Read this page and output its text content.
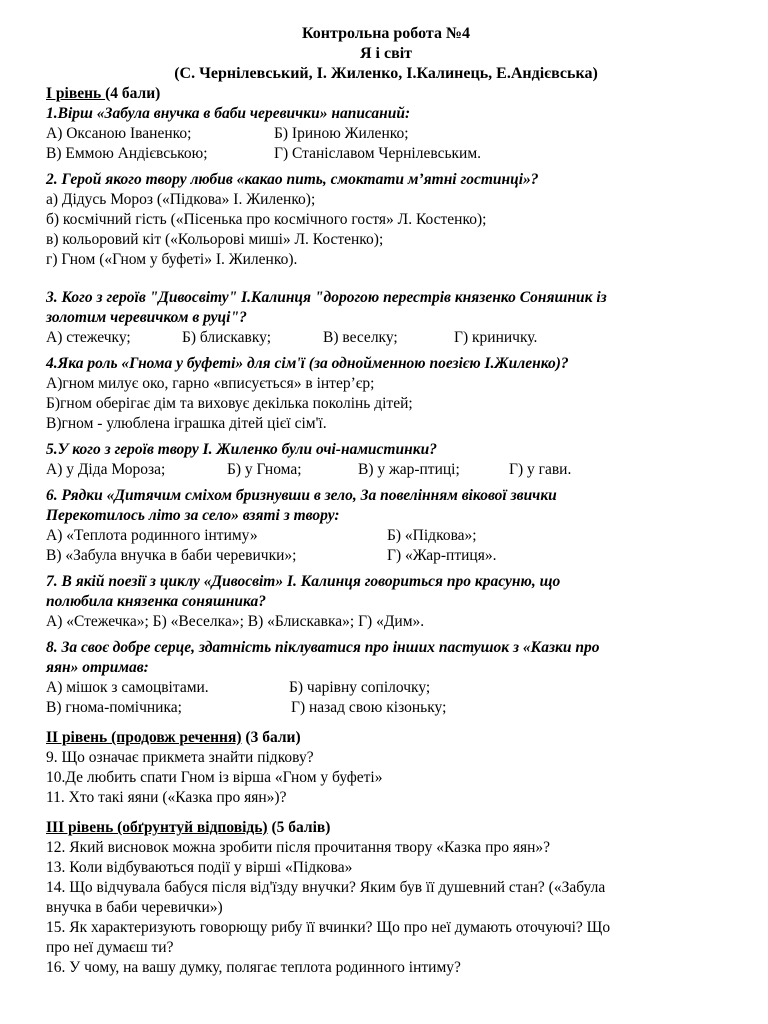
Контрольна робота №4
Я і світ
(С. Чернілевський, І. Жиленко, І.Калинець, Е.Андієвська)
І рівень (4 бали)
1.Вірш «Забула внучка в баби черевички» написаний:
А) Оксаною Іваненко;	Б) Іриною Жиленко;
В) Еммою Андієвською;	Г) Станіславом Чернілевським.
2. Герой якого твору любив «какао пить, смоктати м’ятні гостинці»?
а) Дідусь Мороз («Підкова» І. Жиленко);
б) космічний гість («Пісенька про космічного гостя» Л. Костенко);
в) кольоровий кіт («Кольорові миші» Л. Костенко);
г) Гном («Гном у буфеті» І. Жиленко).
3. Кого з героїв "Дивосвіту" І.Калинця "дорогою перестрів князенко Соняшник із
золотим черевичком в руці"?
А) стежечку;	Б) блискавку;	В) веселку;	Г) криничку.
4.Яка роль «Гнома у буфеті» для сім'ї (за однойменною поезією І.Жиленко)?
А)гном милує око, гарно «вписується» в інтер’єр;
Б)гном оберігає дім та виховує декілька поколінь дітей;
В)гном - улюблена іграшка дітей цієї сім'ї.
5.У кого з героїв твору І. Жиленко були очі-намистинки?
А) у Діда Мороза;	Б) у Гнома;	В) у жар-птиці;	Г) у гави.
6. Рядки «Дитячим сміхом бризнувши в зело, За повелінням вікової звички
Перекотилось літо за село» взяті з твору:
А) «Теплота родинного інтиму»	Б) «Підкова»;
В) «Забула внучка в баби черевички»;	Г) «Жар-птиця».
7. В якій поезії з циклу «Дивосвіт» І. Калинця говориться про красуню, що
полюбила князенка соняшника?
А) «Стежечка»; Б) «Веселка»; В) «Блискавка»; Г) «Дим».
8. За своє добре серце, здатність піклуватися про інших пастушок з «Казки про
яян» отримав:
А) мішок з самоцвітами.	Б) чарівну сопілочку;
В) гнома-помічника;	Г) назад свою кізоньку;
ІІ рівень (продовж речення) (3 бали)
9. Що означає прикмета знайти підкову?
10.Де любить спати Гном із вірша «Гном у буфеті»
11. Хто такі яяни («Казка про яян»)?
ІІІ рівень (обґрунтуй відповідь) (5 балів)
12. Який висновок можна зробити після прочитання твору «Казка про яян»?
13. Коли відбуваються події у вірші «Підкова»
14. Що відчувала бабуся після від'їзду внучки? Яким був її душевний стан? («Забула
внучка в баби черевички»)
15. Як характеризують говорющу рибу її вчинки? Що про неї думають оточуючі? Що
про неї думаєш ти?
16. У чому, на вашу думку, полягає теплота родинного інтиму?
